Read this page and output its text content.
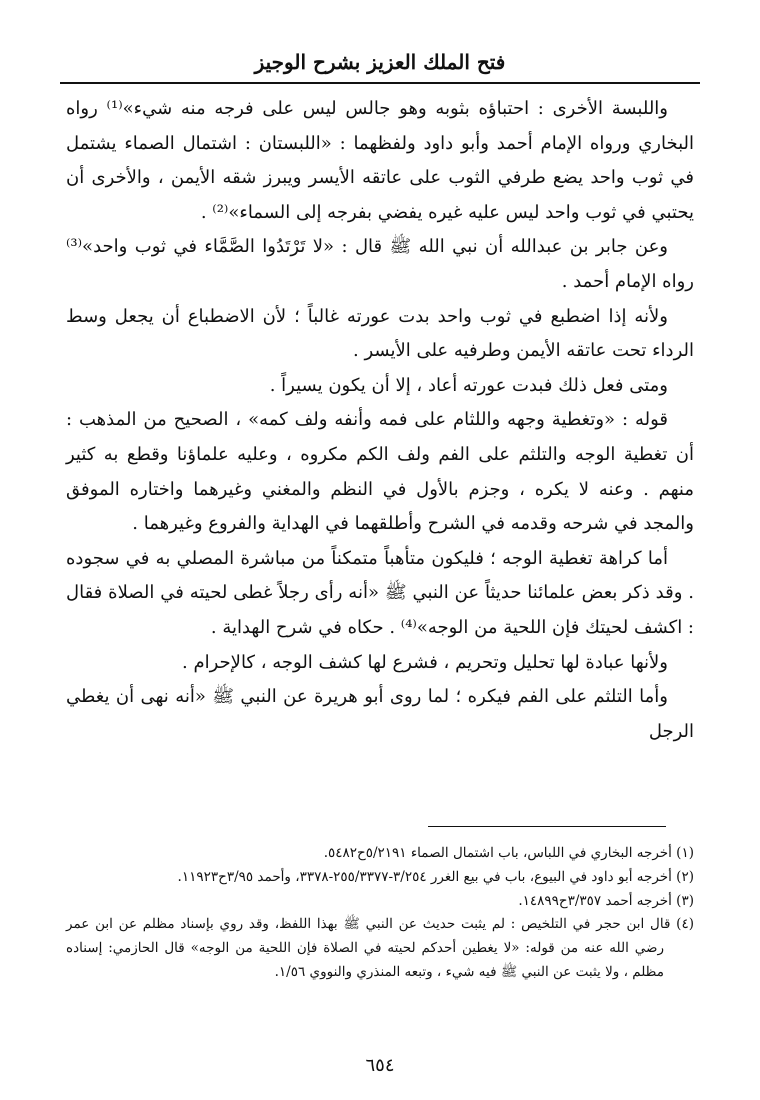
فتح الملك العزيز بشرح الوجيز

واللبسة الأخرى : احتباؤه بثوبه وهو جالس ليس على فرجه منه شيء»⁽¹⁾ رواه البخاري ورواه الإمام أحمد وأبو داود ولفظهما : «اللبستان : اشتمال الصماء يشتمل في ثوب واحد يضع طرفي الثوب على عاتقه الأيسر ويبرز شقه الأيمن ، والأخرى أن يحتبي في ثوب واحد ليس عليه غيره يفضي بفرجه إلى السماء»⁽²⁾ .

وعن جابر بن عبدالله أن نبي الله ﷺ قال : «لا تَرْتَدُوا الصَّمَّاء في ثوب واحد»⁽³⁾ رواه الإمام أحمد .

ولأنه إذا اضطبع في ثوب واحد بدت عورته غالباً ؛ لأن الاضطباع أن يجعل وسط الرداء تحت عاتقه الأيمن وطرفيه على الأيسر .

ومتى فعل ذلك فبدت عورته أعاد ، إلا أن يكون يسيراً .

قوله : «وتغطية وجهه واللثام على فمه وأنفه ولف كمه» ، الصحيح من المذهب : أن تغطية الوجه والتلثم على الفم ولف الكم مكروه ، وعليه علماؤنا وقطع به كثير منهم . وعنه لا يكره ، وجزم بالأول في النظم والمغني وغيرهما واختاره الموفق والمجد في شرحه وقدمه في الشرح وأطلقهما في الهداية والفروع وغيرهما .

أما كراهة تغطية الوجه ؛ فليكون متأهباً متمكناً من مباشرة المصلي به في سجوده . وقد ذكر بعض علمائنا حديثاً عن النبي ﷺ «أنه رأى رجلاً غطى لحيته في الصلاة فقال : اكشف لحيتك فإن اللحية من الوجه»⁽⁴⁾ . حكاه في شرح الهداية .

ولأنها عبادة لها تحليل وتحريم ، فشرع لها كشف الوجه ، كالإحرام .

وأما التلثم على الفم فيكره ؛ لما روى أبو هريرة عن النبي ﷺ «أنه نهى أن يغطي الرجل

(١) أخرجه البخاري في اللباس، باب اشتمال الصماء ٥/٢١٩١ح٥٤٨٢.

(٢) أخرجه أبو داود في البيوع، باب في بيع الغرر ٣/٢٥٤-٢٥٥/٣٣٧٧-٣٣٧٨، وأحمد ٣/٩٥ح١١٩٢٣.

(٣) أخرجه أحمد ٣/٣٥٧ح١٤٨٩٩.

(٤) قال ابن حجر في التلخيص : لم يثبت حديث عن النبي ﷺ بهذا اللفظ، وقد روي بإسناد مظلم عن ابن عمر رضي الله عنه من قوله: «لا يغطين أحدكم لحيته في الصلاة فإن اللحية من الوجه» قال الحازمي: إسناده مظلم ، ولا يثبت عن النبي ﷺ فيه شيء ، وتبعه المنذري والنووي ١/٥٦.

٦٥٤
